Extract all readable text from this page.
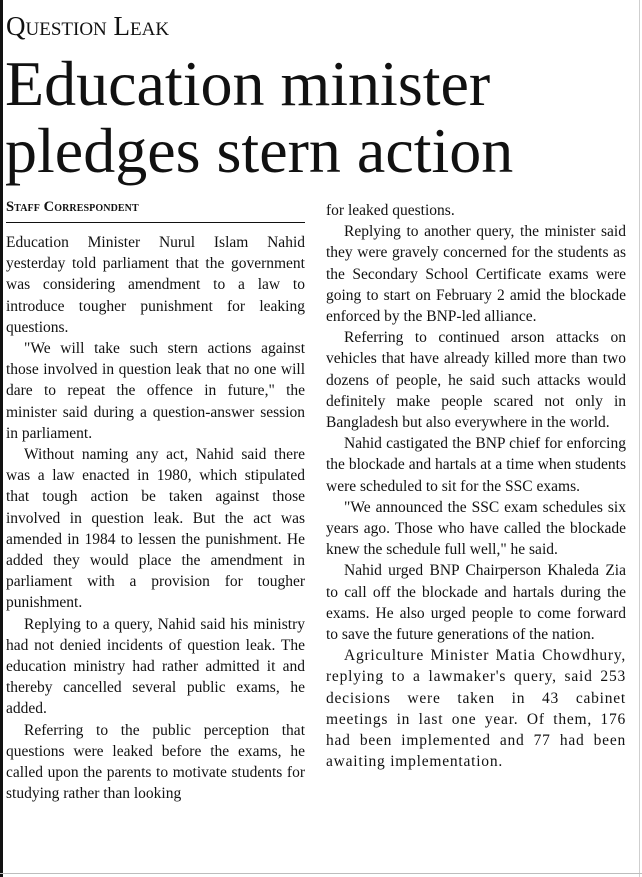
Question Leak
Education minister pledges stern action
Staff Correspondent

Education Minister Nurul Islam Nahid yesterday told parliament that the government was considering amendment to a law to introduce tougher punishment for leaking questions.

"We will take such stern actions against those involved in question leak that no one will dare to repeat the offence in future," the minister said during a question-answer session in parliament.

Without naming any act, Nahid said there was a law enacted in 1980, which stipulated that tough action be taken against those involved in question leak. But the act was amended in 1984 to lessen the punishment. He added they would place the amendment in parliament with a provision for tougher punishment.

Replying to a query, Nahid said his ministry had not denied incidents of question leak. The education ministry had rather admitted it and thereby cancelled several public exams, he added.

Referring to the public perception that questions were leaked before the exams, he called upon the parents to motivate students for studying rather than looking

for leaked questions.

Replying to another query, the minister said they were gravely concerned for the students as the Secondary School Certificate exams were going to start on February 2 amid the blockade enforced by the BNP-led alliance.

Referring to continued arson attacks on vehicles that have already killed more than two dozens of people, he said such attacks would definitely make people scared not only in Bangladesh but also everywhere in the world.

Nahid castigated the BNP chief for enforcing the blockade and hartals at a time when students were scheduled to sit for the SSC exams.

"We announced the SSC exam schedules six years ago. Those who have called the blockade knew the schedule full well," he said.

Nahid urged BNP Chairperson Khaleda Zia to call off the blockade and hartals during the exams. He also urged people to come forward to save the future generations of the nation.

Agriculture Minister Matia Chowdhury, replying to a lawmaker's query, said 253 decisions were taken in 43 cabinet meetings in last one year. Of them, 176 had been implemented and 77 had been awaiting implementation.
